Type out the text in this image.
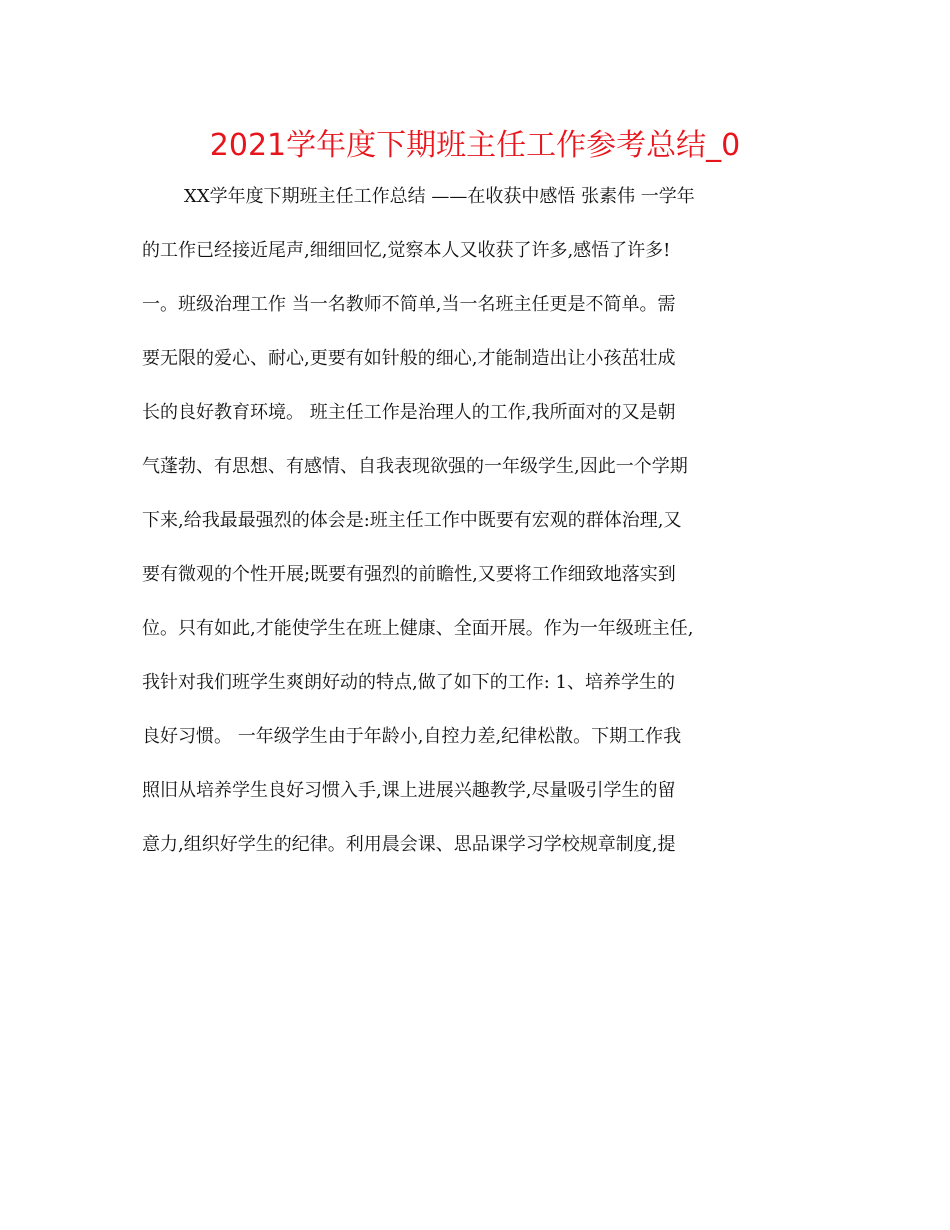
2021学年度下期班主任工作参考总结_0
XX学年度下期班主任工作总结 ——在收获中感悟 张素伟 一学年
的工作已经接近尾声,细细回忆,觉察本人又收获了许多,感悟了许多!
一。班级治理工作 当一名教师不简单,当一名班主任更是不简单。需
要无限的爱心、耐心,更要有如针般的细心,才能制造出让小孩茁壮成
长的良好教育环境。 班主任工作是治理人的工作,我所面对的又是朝
气蓬勃、有思想、有感情、自我表现欲强的一年级学生,因此一个学期
下来,给我最最强烈的体会是:班主任工作中既要有宏观的群体治理,又
要有微观的个性开展;既要有强烈的前瞻性,又要将工作细致地落实到
位。只有如此,才能使学生在班上健康、全面开展。作为一年级班主任,
我针对我们班学生爽朗好动的特点,做了如下的工作: 1、培养学生的
良好习惯。 一年级学生由于年龄小,自控力差,纪律松散。下期工作我
照旧从培养学生良好习惯入手,课上进展兴趣教学,尽量吸引学生的留
意力,组织好学生的纪律。利用晨会课、思品课学习学校规章制度,提
